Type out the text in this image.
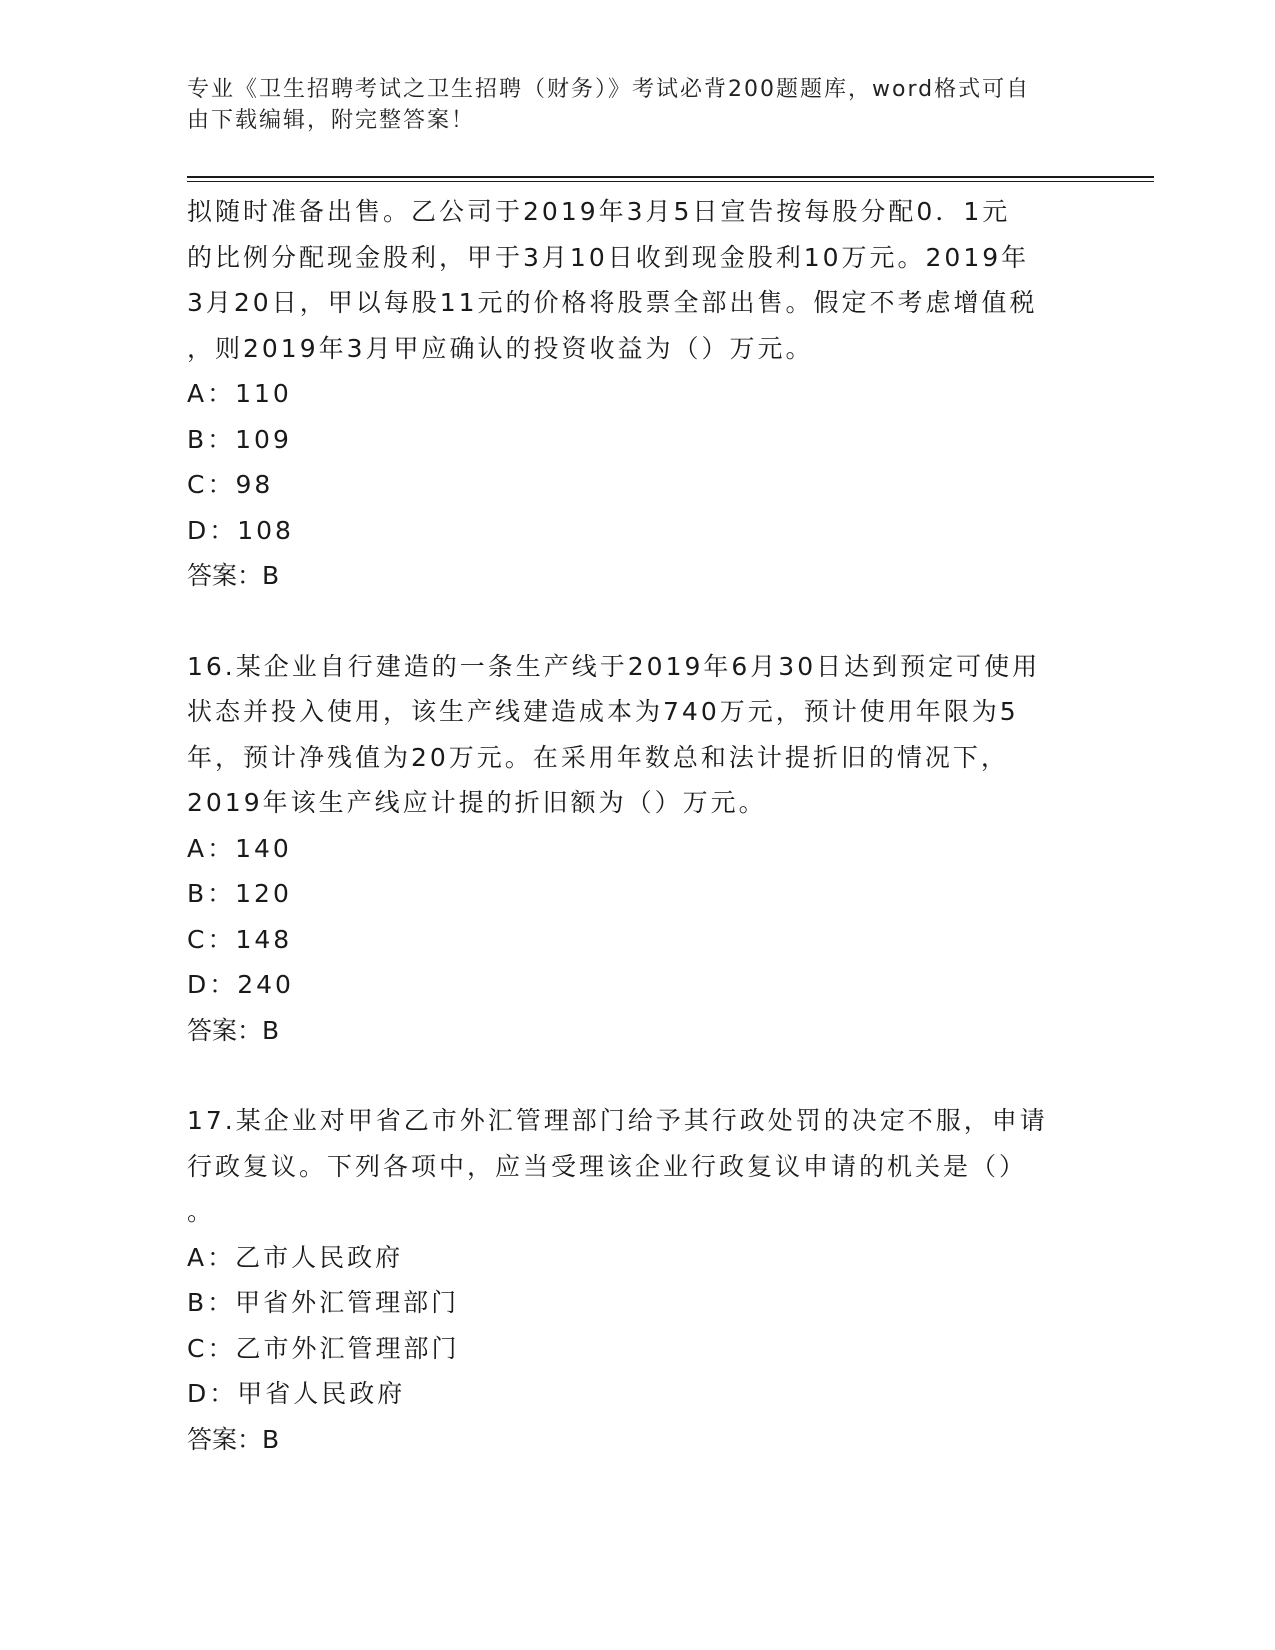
专业《卫生招聘考试之卫生招聘（财务）》考试必背200题题库，word格式可自
由下载编辑，附完整答案！

拟随时准备出售。乙公司于2019年3月5日宣告按每股分配0．1元

的比例分配现金股利，甲于3月10日收到现金股利10万元。2019年

3月20日，甲以每股11元的价格将股票全部出售。假定不考虑增值税

，则2019年3月甲应确认的投资收益为（）万元。

A：110

B：109

C：98

D：108

答案：B

16.某企业自行建造的一条生产线于2019年6月30日达到预定可使用

状态并投入使用，该生产线建造成本为740万元，预计使用年限为5

年，预计净残值为20万元。在采用年数总和法计提折旧的情况下，

2019年该生产线应计提的折旧额为（）万元。

A：140

B：120

C：148

D：240

答案：B

17.某企业对甲省乙市外汇管理部门给予其行政处罚的决定不服，申请

行政复议。下列各项中，应当受理该企业行政复议申请的机关是（）

。

A：乙市人民政府

B：甲省外汇管理部门

C：乙市外汇管理部门

D：甲省人民政府

答案：B
